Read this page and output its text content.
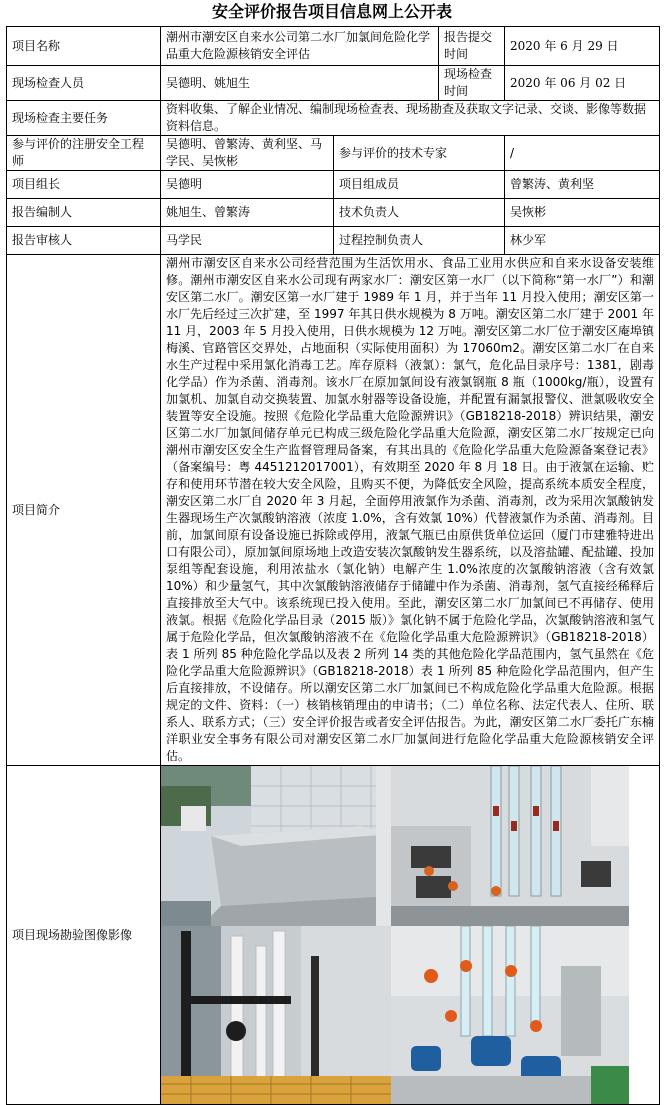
安全评价报告项目信息网上公开表
项目名称	潮州市潮安区自来水公司第二水厂加氯间危险化学品重大危险源核销安全评估		报告提交时间	2020 年 6 月 29 日
现场检查人员	吴德明、姚旭生		现场检查时间	2020 年 06 月 02 日
现场检查主要任务	资料收集、了解企业情况、编制现场检查表、现场勘查及获取文字记录、交谈、影像等数据资料信息。			
参与评价的注册安全工程师	吴德明、曾繁涛、黄利坚、马学民、吴恢彬	参与评价的技术专家		/
项目组长	吴德明	项目组成员		曾繁涛、黄利坚
报告编制人	姚旭生、曾繁涛	技术负责人		吴恢彬
报告审核人	马学民	过程控制负责人		林少军
项目简介	潮州市潮安区自来水公司经营范围为生活饮用水、食品工业用水供应和自来水设备安装维修。潮州市潮安区自来水公司现有两家水厂：潮安区第一水厂（以下简称“第一水厂”）和潮安区第二水厂。潮安区第一水厂建于 1989 年 1 月，并于当年 11 月投入使用；潮安区第一水厂先后经过三次扩建，至 1997 年其日供水规模为 8 万吨。潮安区第二水厂建于 2001 年 11 月，2003 年 5 月投入使用，日供水规模为 12 万吨。潮安区第二水厂位于潮安区庵埠镇梅溪、官路管区交界处，占地面积（实际使用面积）为 17060m2。潮安区第二水厂在自来水生产过程中采用氯化消毒工艺。库存原料（液氯）：氯气，危化品目录序号：1381，剧毒化学品）作为杀菌、消毒剂。该水厂在原加氯间设有液氯钢瓶 8 瓶（1000kg/瓶），设置有加氯机、加氯自动交换装置、加氯水射器等设备设施，并配置有漏氯报警仪、泄氯吸收安全装置等安全设施。按照《危险化学品重大危险源辨识》（GB18218-2018）辨识结果，潮安区第二水厂加氯间储存单元已构成三级危险化学品重大危险源，潮安区第二水厂按规定已向潮州市潮安区安全生产监督管理局备案，有其出具的《危险化学品重大危险源备案登记表》（备案编号：粤 4451212017001），有效期至 2020 年 8 月 18 日。由于液氯在运输、贮存和使用环节潜在较大安全风险，且购买不便，为降低安全风险，提高系统本质安全程度，潮安区第二水厂自 2020 年 3 月起，全面停用液氯作为杀菌、消毒剂，改为采用次氯酸钠发生器现场生产次氯酸钠溶液（浓度 1.0%，含有效氯 10%）代替液氯作为杀菌、消毒剂。目前，加氯间原有设备设施已拆除或停用，液氯气瓶已由原供货单位运回（厦门市建雅特进出口有限公司），原加氯间原场地上改造安装次氯酸钠发生器系统，以及溶盐罐、配盐罐、投加泵组等配套设施，利用浓盐水（氯化钠）电解产生 1.0%浓度的次氯酸钠溶液（含有效氯 10%）和少量氢气，其中次氯酸钠溶液储存于储罐中作为杀菌、消毒剂，氢气直接经稀释后直接排放至大气中。该系统现已投入使用。至此，潮安区第二水厂加氯间已不再储存、使用液氯。根据《危险化学品目录（2015 版）》氯化钠不属于危险化学品，次氯酸钠溶液和氢气属于危险化学品，但次氯酸钠溶液不在《危险化学品重大危险源辨识》（GB18218-2018）表 1 所列 85 种危险化学品以及表 2 所列 14 类的其他危险化学品范围内，氢气虽然在《危险化学品重大危险源辨识》（GB18218-2018）表 1 所列 85 种危险化学品范围内，但产生后直接排放，不设储存。所以潮安区第二水厂加氯间已不构成危险化学品重大危险源。根据规定的文件、资料：（一）核销核销理由的申请书；（二）单位名称、法定代表人、住所、联系人、联系方式；（三）安全评价报告或者安全评估报告。为此，潮安区第二水厂委托广东楠洋职业安全事务有限公司对潮安区第二水厂加氯间进行危险化学品重大危险源核销安全评估。			
项目现场勘验图像影像	
